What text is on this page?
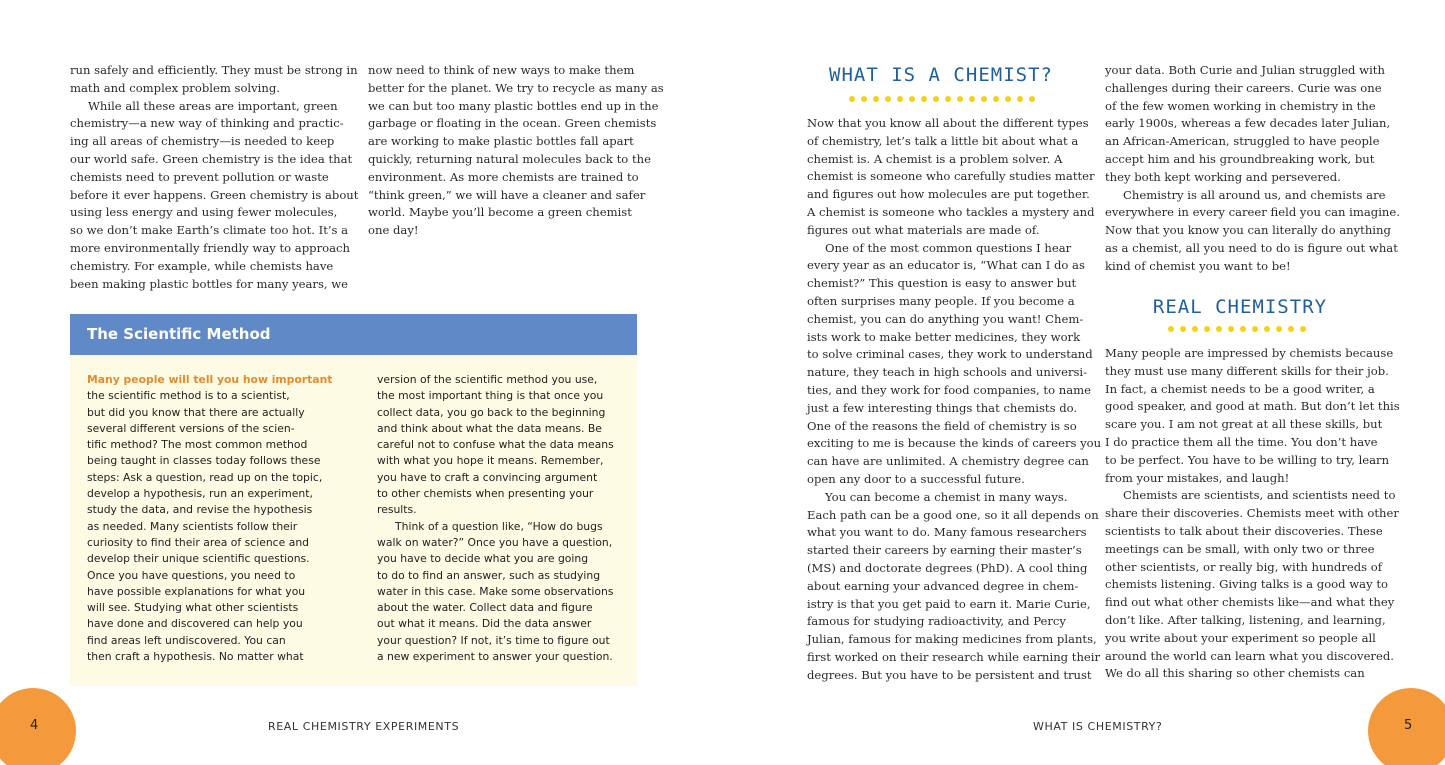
run safely and efficiently. They must be strong in

math and complex problem solving.

While all these areas are important, green

chemistry—a new way of thinking and practic-

ing all areas of chemistry—is needed to keep

our world safe. Green chemistry is the idea that

chemists need to prevent pollution or waste

before it ever happens. Green chemistry is about

using less energy and using fewer molecules,

so we don’t make Earth’s climate too hot. It’s a

more environmentally friendly way to approach

chemistry. For example, while chemists have

been making plastic bottles for many years, we

now need to think of new ways to make them

better for the planet. We try to recycle as many as

we can but too many plastic bottles end up in the

garbage or floating in the ocean. Green chemists

are working to make plastic bottles fall apart

quickly, returning natural molecules back to the

environment. As more chemists are trained to

“think green,” we will have a cleaner and safer

world. Maybe you’ll become a green chemist

one day!

The Scientific Method

Many people will tell you how important

the scientific method is to a scientist,

but did you know that there are actually

several different versions of the scien-

tific method? The most common method

being taught in classes today follows these

steps: Ask a question, read up on the topic,

develop a hypothesis, run an experiment,

study the data, and revise the hypothesis

as needed. Many scientists follow their

curiosity to find their area of science and

develop their unique scientific questions.

Once you have questions, you need to

have possible explanations for what you

will see. Studying what other scientists

have done and discovered can help you

find areas left undiscovered. You can

then craft a hypothesis. No matter what

version of the scientific method you use,

the most important thing is that once you

collect data, you go back to the beginning

and think about what the data means. Be

careful not to confuse what the data means

with what you hope it means. Remember,

you have to craft a convincing argument

to other chemists when presenting your

results.

Think of a question like, “How do bugs

walk on water?” Once you have a question,

you have to decide what you are going

to do to find an answer, such as studying

water in this case. Make some observations

about the water. Collect data and figure

out what it means. Did the data answer

your question? If not, it’s time to figure out

a new experiment to answer your question.

4	REAL CHEMISTRY EXPERIMENTS
WHAT IS A CHEMIST?

Now that you know all about the different types

of chemistry, let’s talk a little bit about what a

chemist is. A chemist is a problem solver. A

chemist is someone who carefully studies matter

and figures out how molecules are put together.

A chemist is someone who tackles a mystery and

figures out what materials are made of.

One of the most common questions I hear

every year as an educator is, “What can I do as

chemist?” This question is easy to answer but

often surprises many people. If you become a

chemist, you can do anything you want! Chem-

ists work to make better medicines, they work

to solve criminal cases, they work to understand

nature, they teach in high schools and universi-

ties, and they work for food companies, to name

just a few interesting things that chemists do.

One of the reasons the field of chemistry is so

exciting to me is because the kinds of careers you

can have are unlimited. A chemistry degree can

open any door to a successful future.

You can become a chemist in many ways.

Each path can be a good one, so it all depends on

what you want to do. Many famous researchers

started their careers by earning their master’s

(MS) and doctorate degrees (PhD). A cool thing

about earning your advanced degree in chem-

istry is that you get paid to earn it. Marie Curie,

famous for studying radioactivity, and Percy

Julian, famous for making medicines from plants,

first worked on their research while earning their

degrees. But you have to be persistent and trust

your data. Both Curie and Julian struggled with

challenges during their careers. Curie was one

of the few women working in chemistry in the

early 1900s, whereas a few decades later Julian,

an African-American, struggled to have people

accept him and his groundbreaking work, but

they both kept working and persevered.

Chemistry is all around us, and chemists are

everywhere in every career field you can imagine.

Now that you know you can literally do anything

as a chemist, all you need to do is figure out what

kind of chemist you want to be!

REAL CHEMISTRY

Many people are impressed by chemists because

they must use many different skills for their job.

In fact, a chemist needs to be a good writer, a

good speaker, and good at math. But don’t let this

scare you. I am not great at all these skills, but

I do practice them all the time. You don’t have

to be perfect. You have to be willing to try, learn

from your mistakes, and laugh!

Chemists are scientists, and scientists need to

share their discoveries. Chemists meet with other

scientists to talk about their discoveries. These

meetings can be small, with only two or three

other scientists, or really big, with hundreds of

chemists listening. Giving talks is a good way to

find out what other chemists like—and what they

don’t like. After talking, listening, and learning,

you write about your experiment so people all

around the world can learn what you discovered.

We do all this sharing so other chemists can

5
WHAT IS CHEMISTRY?
